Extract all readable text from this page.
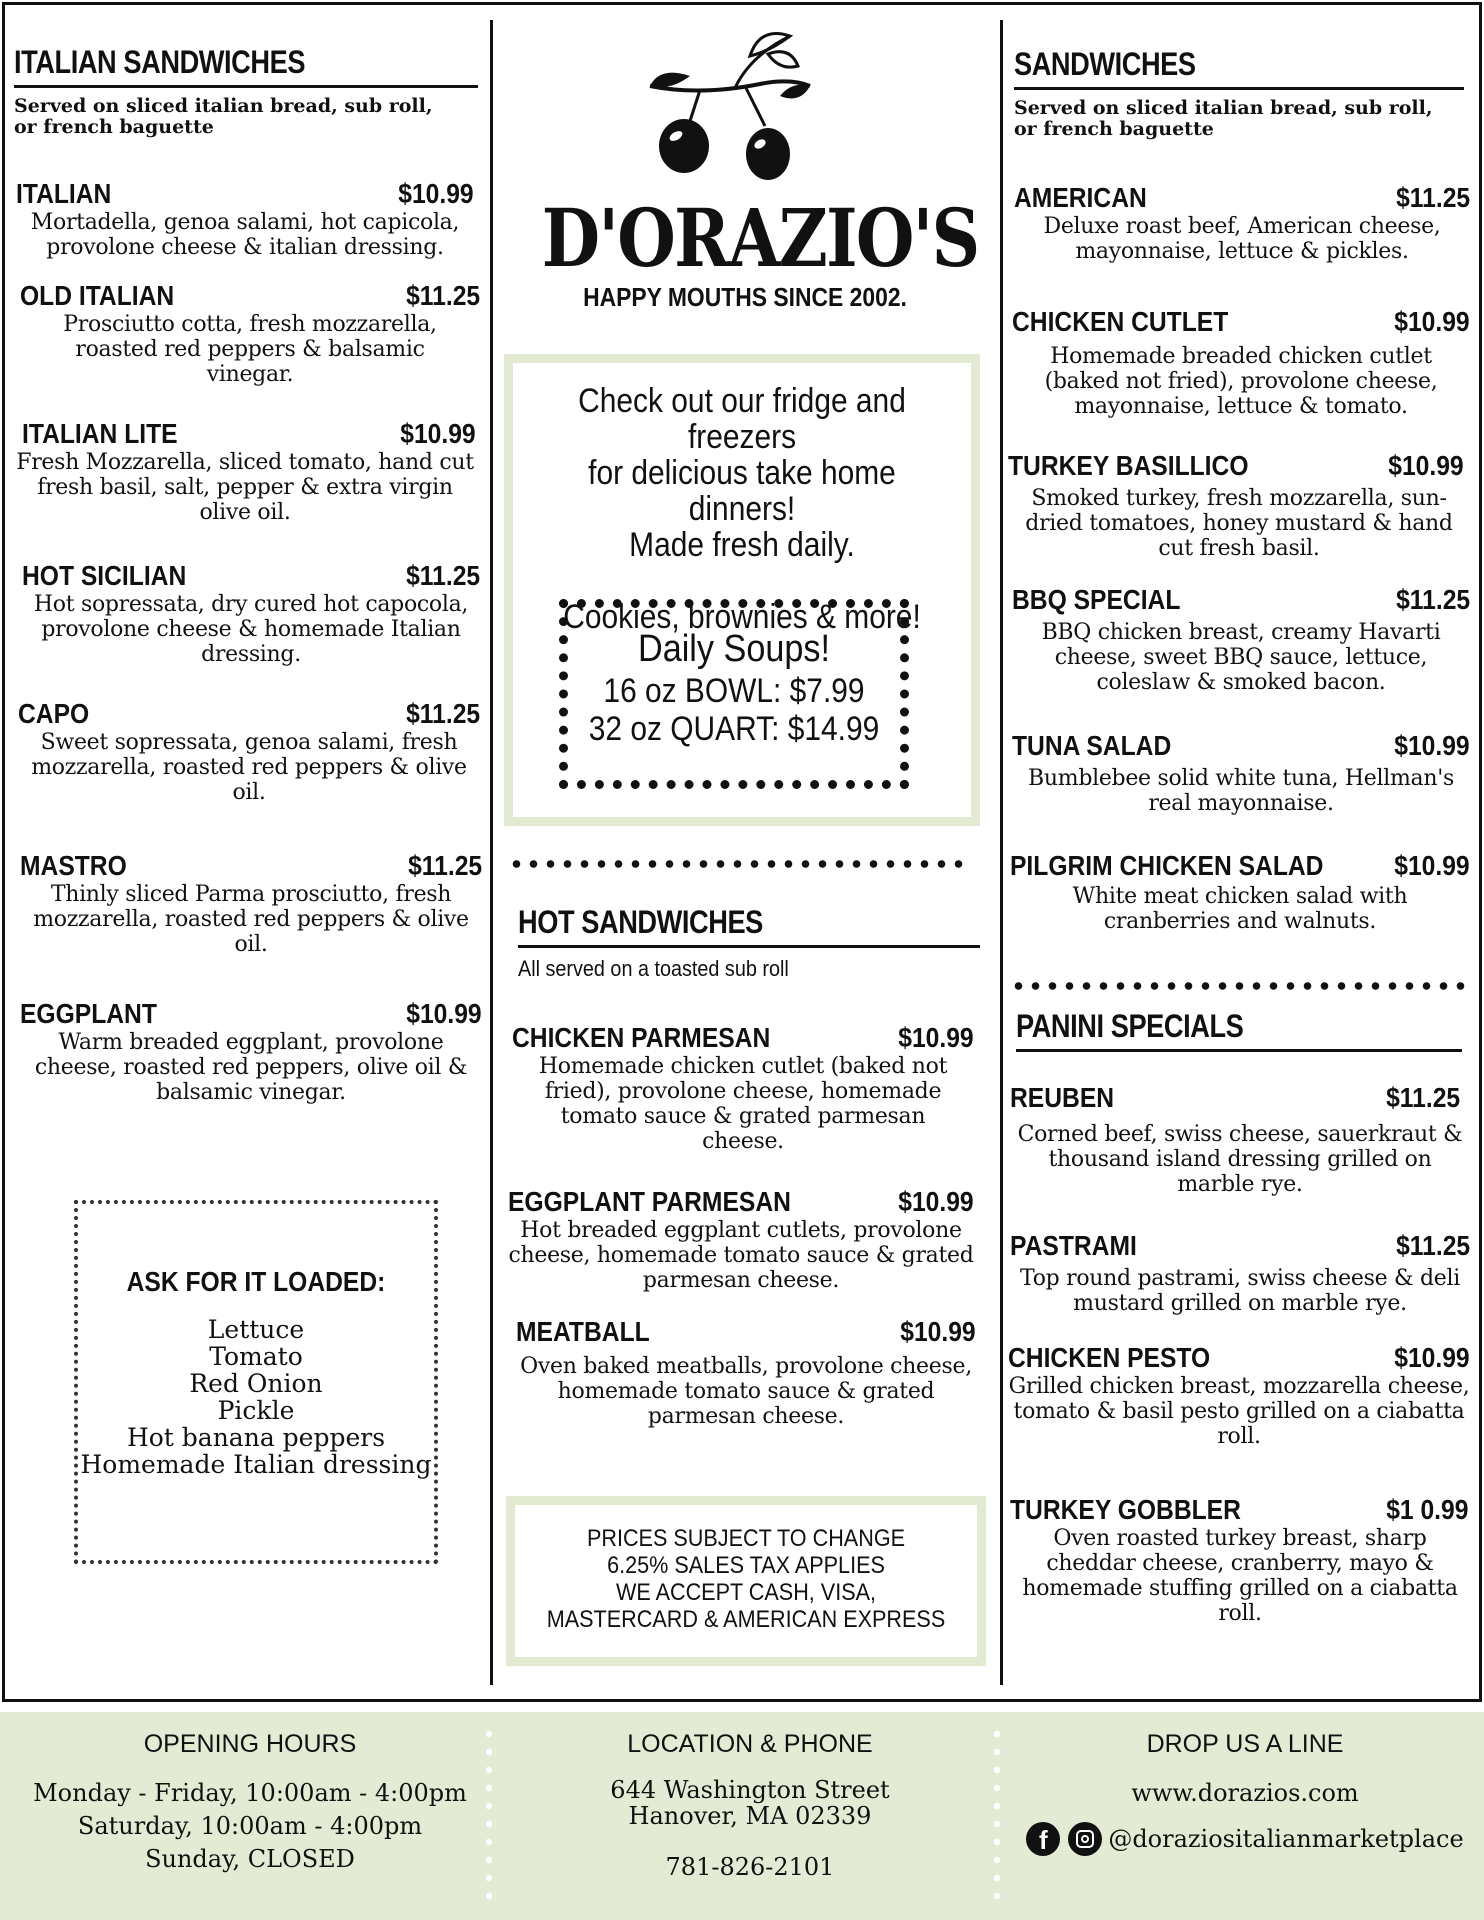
ITALIAN SANDWICHES
Served on sliced italian bread, sub roll, or french baguette
ITALIAN	$10.99
Mortadella, genoa salami, hot capicola, provolone cheese & italian dressing.
OLD ITALIAN	$11.25
Prosciutto cotta, fresh mozzarella, roasted red peppers & balsamic vinegar.
ITALIAN LITE	$10.99
Fresh Mozzarella, sliced tomato, hand cut fresh basil, salt, pepper & extra virgin olive oil.
HOT SICILIAN	$11.25
Hot sopressata, dry cured hot capocola, provolone cheese & homemade Italian dressing.
CAPO	$11.25
Sweet sopressata, genoa salami, fresh mozzarella, roasted red peppers & olive oil.
MASTRO	$11.25
Thinly sliced Parma prosciutto, fresh mozzarella, roasted red peppers & olive oil.
EGGPLANT	$10.99
Warm breaded eggplant, provolone cheese, roasted red peppers, olive oil & balsamic vinegar.
ASK FOR IT LOADED:
Lettuce
Tomato
Red Onion
Pickle
Hot banana peppers
Homemade Italian dressing
D'ORAZIO'S
HAPPY MOUTHS SINCE 2002.
Check out our fridge and freezers
for delicious take home dinners!
Made fresh daily.
Cookies, brownies & more!
Daily Soups!
16 oz BOWL: $7.99
32 oz QUART: $14.99
HOT SANDWICHES
All served on a toasted sub roll
CHICKEN PARMESAN	$10.99
Homemade chicken cutlet (baked not fried), provolone cheese, homemade tomato sauce & grated parmesan cheese.
EGGPLANT PARMESAN	$10.99
Hot breaded eggplant cutlets, provolone cheese, homemade tomato sauce & grated parmesan cheese.
MEATBALL	$10.99
Oven baked meatballs, provolone cheese, homemade tomato sauce & grated parmesan cheese.
PRICES SUBJECT TO CHANGE
6.25% SALES TAX APPLIES
WE ACCEPT CASH, VISA,
MASTERCARD & AMERICAN EXPRESS
SANDWICHES
Served on sliced italian bread, sub roll, or french baguette
AMERICAN	$11.25
Deluxe roast beef, American cheese, mayonnaise, lettuce & pickles.
CHICKEN CUTLET	$10.99
Homemade breaded chicken cutlet (baked not fried), provolone cheese, mayonnaise, lettuce & tomato.
TURKEY BASILLICO	$10.99
Smoked turkey, fresh mozzarella, sun-dried tomatoes, honey mustard & hand cut fresh basil.
BBQ SPECIAL	$11.25
BBQ chicken breast, creamy Havarti cheese, sweet BBQ sauce, lettuce, coleslaw & smoked bacon.
TUNA SALAD	$10.99
Bumblebee solid white tuna, Hellman's real mayonnaise.
PILGRIM CHICKEN SALAD	$10.99
White meat chicken salad with cranberries and walnuts.
PANINI SPECIALS
REUBEN	$11.25
Corned beef, swiss cheese, sauerkraut & thousand island dressing grilled on marble rye.
PASTRAMI	$11.25
Top round pastrami, swiss cheese & deli mustard grilled on marble rye.
CHICKEN PESTO	$10.99
Grilled chicken breast, mozzarella cheese, tomato & basil pesto grilled on a ciabatta roll.
TURKEY GOBBLER	$1 0.99
Oven roasted turkey breast, sharp cheddar cheese, cranberry, mayo & homemade stuffing grilled on a ciabatta roll.
OPENING HOURS
Monday - Friday, 10:00am - 4:00pm
Saturday, 10:00am - 4:00pm
Sunday, CLOSED
LOCATION & PHONE
644 Washington Street
Hanover, MA 02339
781-826-2101
DROP US A LINE
www.dorazios.com
f	@doraziositalianmarketplace
